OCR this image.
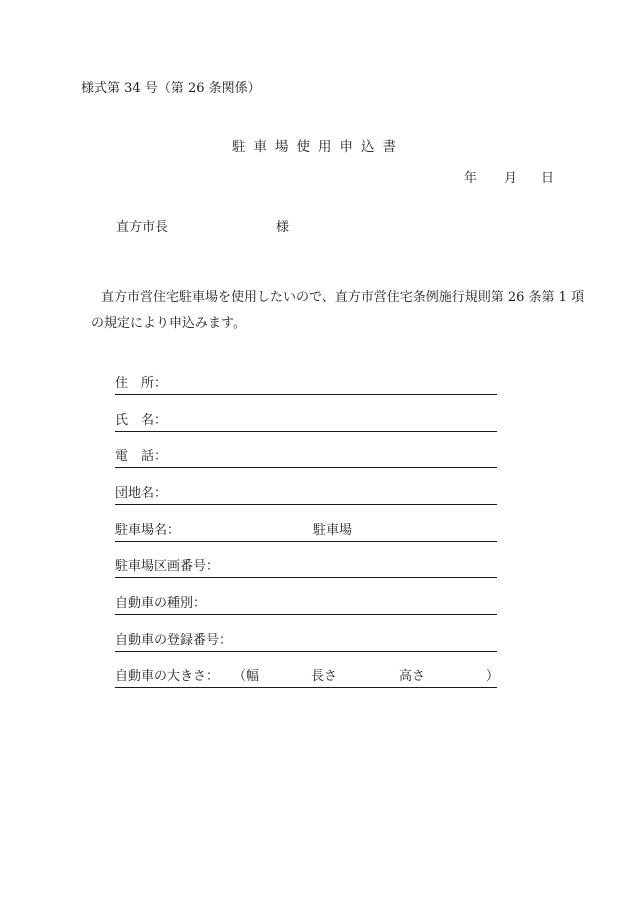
様式第 34 号（第 26 条関係）
駐車場使用申込書
年 月 日
直方市長	様
直方市営住宅駐車場を使用したいので、直方市営住宅条例施行規則第 26 条第 1 項
の規定により申込みます。
住　所：
氏　名：
電　話：
団地名：
駐車場名：	駐車場
駐車場区画番号：
自動車の種別：
自動車の登録番号：
自動車の大きさ： （幅	長さ	高さ	）
